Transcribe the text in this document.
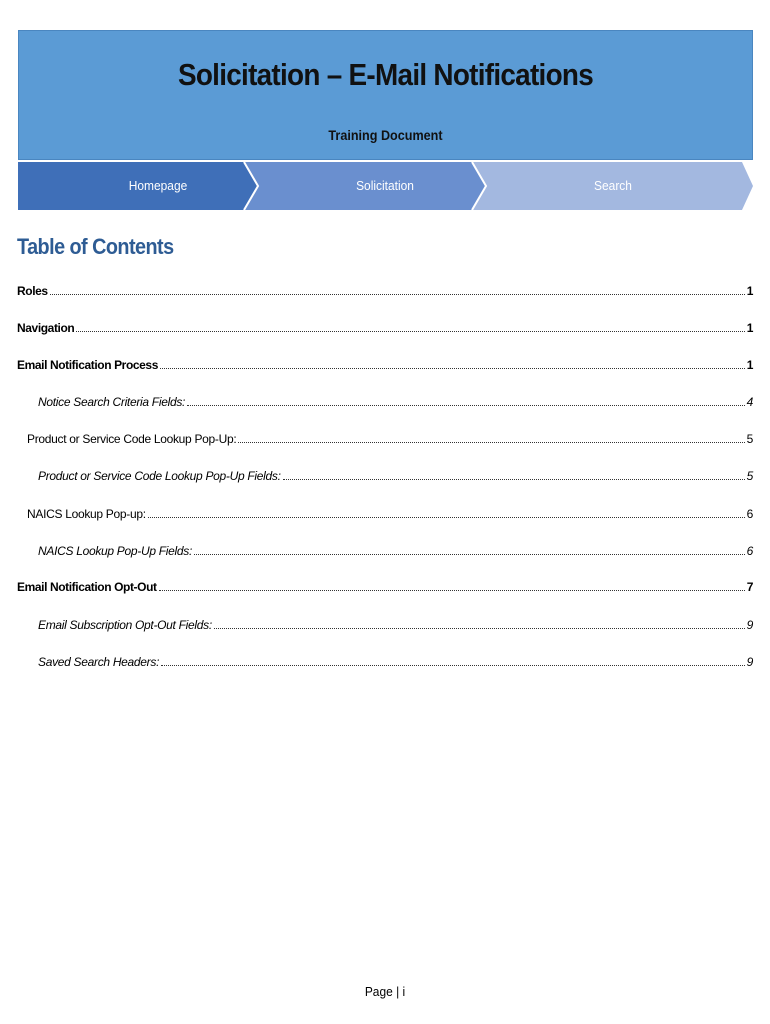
Solicitation – E-Mail Notifications
Training Document
Homepage	Solicitation	Search
Table of Contents
Roles	1
Navigation	1
Email Notification Process	1
Notice Search Criteria Fields:	4
Product or Service Code Lookup Pop-Up:	5
Product or Service Code Lookup Pop-Up Fields:	5
NAICS Lookup Pop-up:	6
NAICS Lookup Pop-Up Fields:	6
Email Notification Opt-Out	7
Email Subscription Opt-Out Fields:	9
Saved Search Headers:	9
Page | i
